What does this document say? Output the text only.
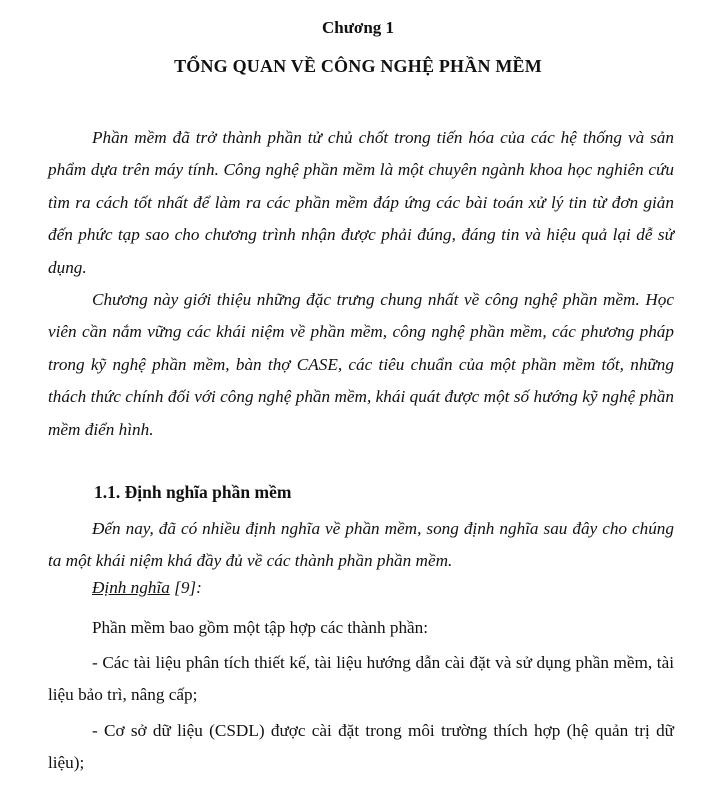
Chương 1
TỔNG QUAN VỀ CÔNG NGHỆ PHẦN MỀM

Phần mềm đã trở thành phần tử chủ chốt trong tiến hóa của các hệ thống và sản phẩm dựa trên máy tính. Công nghệ phần mềm là một chuyên ngành khoa học nghiên cứu tìm ra cách tốt nhất để làm ra các phần mềm đáp ứng các bài toán xử lý tin từ đơn giản đến phức tạp sao cho chương trình nhận được phải đúng, đáng tin và hiệu quả lại dễ sử dụng.

Chương này giới thiệu những đặc trưng chung nhất về công nghệ phần mềm. Học viên cần nắm vững các khái niệm về phần mềm, công nghệ phần mềm, các phương pháp trong kỹ nghệ phần mềm, bàn thợ CASE, các tiêu chuẩn của một phần mềm tốt, những thách thức chính đối với công nghệ phần mềm, khái quát được một số hướng kỹ nghệ phần mềm điển hình.

1.1. Định nghĩa phần mềm

Đến nay, đã có nhiều định nghĩa về phần mềm, song định nghĩa sau đây cho chúng ta một khái niệm khá đầy đủ về các thành phần phần mềm.

Định nghĩa [9]:

Phần mềm bao gồm một tập hợp các thành phần:

- Các tài liệu phân tích thiết kế, tài liệu hướng dẫn cài đặt và sử dụng phần mềm, tài liệu bảo trì, nâng cấp;

- Cơ sở dữ liệu (CSDL) được cài đặt trong môi trường thích hợp (hệ quản trị dữ liệu);
